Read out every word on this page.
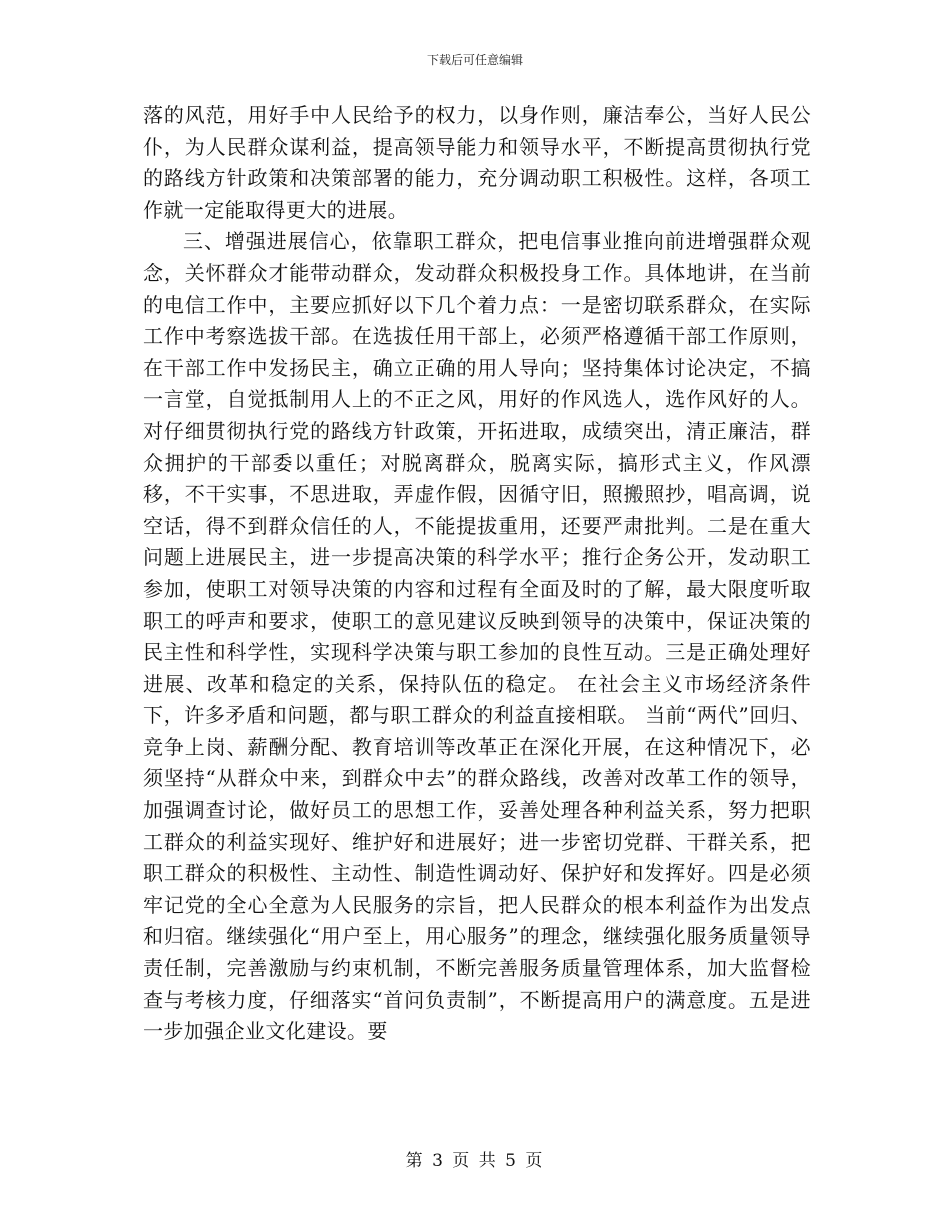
下载后可任意编辑

落的风范，用好手中人民给予的权力，以身作则，廉洁奉公，当好人民公仆，为人民群众谋利益，提高领导能力和领导水平，不断提高贯彻执行党的路线方针政策和决策部署的能力，充分调动职工积极性。这样，各项工作就一定能取得更大的进展。

三、增强进展信心，依靠职工群众，把电信事业推向前进增强群众观念，关怀群众才能带动群众，发动群众积极投身工作。具体地讲，在当前的电信工作中，主要应抓好以下几个着力点：一是密切联系群众，在实际工作中考察选拔干部。在选拔任用干部上，必须严格遵循干部工作原则，在干部工作中发扬民主，确立正确的用人导向；坚持集体讨论决定，不搞一言堂，自觉抵制用人上的不正之风，用好的作风选人，选作风好的人。对仔细贯彻执行党的路线方针政策，开拓进取，成绩突出，清正廉洁，群众拥护的干部委以重任；对脱离群众，脱离实际，搞形式主义，作风漂移，不干实事，不思进取，弄虚作假，因循守旧，照搬照抄，唱高调，说空话，得不到群众信任的人，不能提拔重用，还要严肃批判。二是在重大问题上进展民主，进一步提高决策的科学水平；推行企务公开，发动职工参加，使职工对领导决策的内容和过程有全面及时的了解，最大限度听取职工的呼声和要求，使职工的意见建议反映到领导的决策中，保证决策的民主性和科学性，实现科学决策与职工参加的良性互动。三是正确处理好进展、改革和稳定的关系，保持队伍的稳定。 在社会主义市场经济条件下，许多矛盾和问题，都与职工群众的利益直接相联。 当前“两代”回归、竞争上岗、薪酬分配、教育培训等改革正在深化开展，在这种情况下，必须坚持“从群众中来，到群众中去”的群众路线，改善对改革工作的领导，加强调查讨论，做好员工的思想工作，妥善处理各种利益关系，努力把职工群众的利益实现好、维护好和进展好；进一步密切党群、干群关系，把职工群众的积极性、主动性、制造性调动好、保护好和发挥好。四是必须牢记党的全心全意为人民服务的宗旨，把人民群众的根本利益作为出发点和归宿。继续强化“用户至上，用心服务”的理念，继续强化服务质量领导责任制，完善激励与约束机制，不断完善服务质量管理体系，加大监督检查与考核力度，仔细落实“首问负责制”，不断提高用户的满意度。五是进一步加强企业文化建设。要

第 3 页 共 5 页
